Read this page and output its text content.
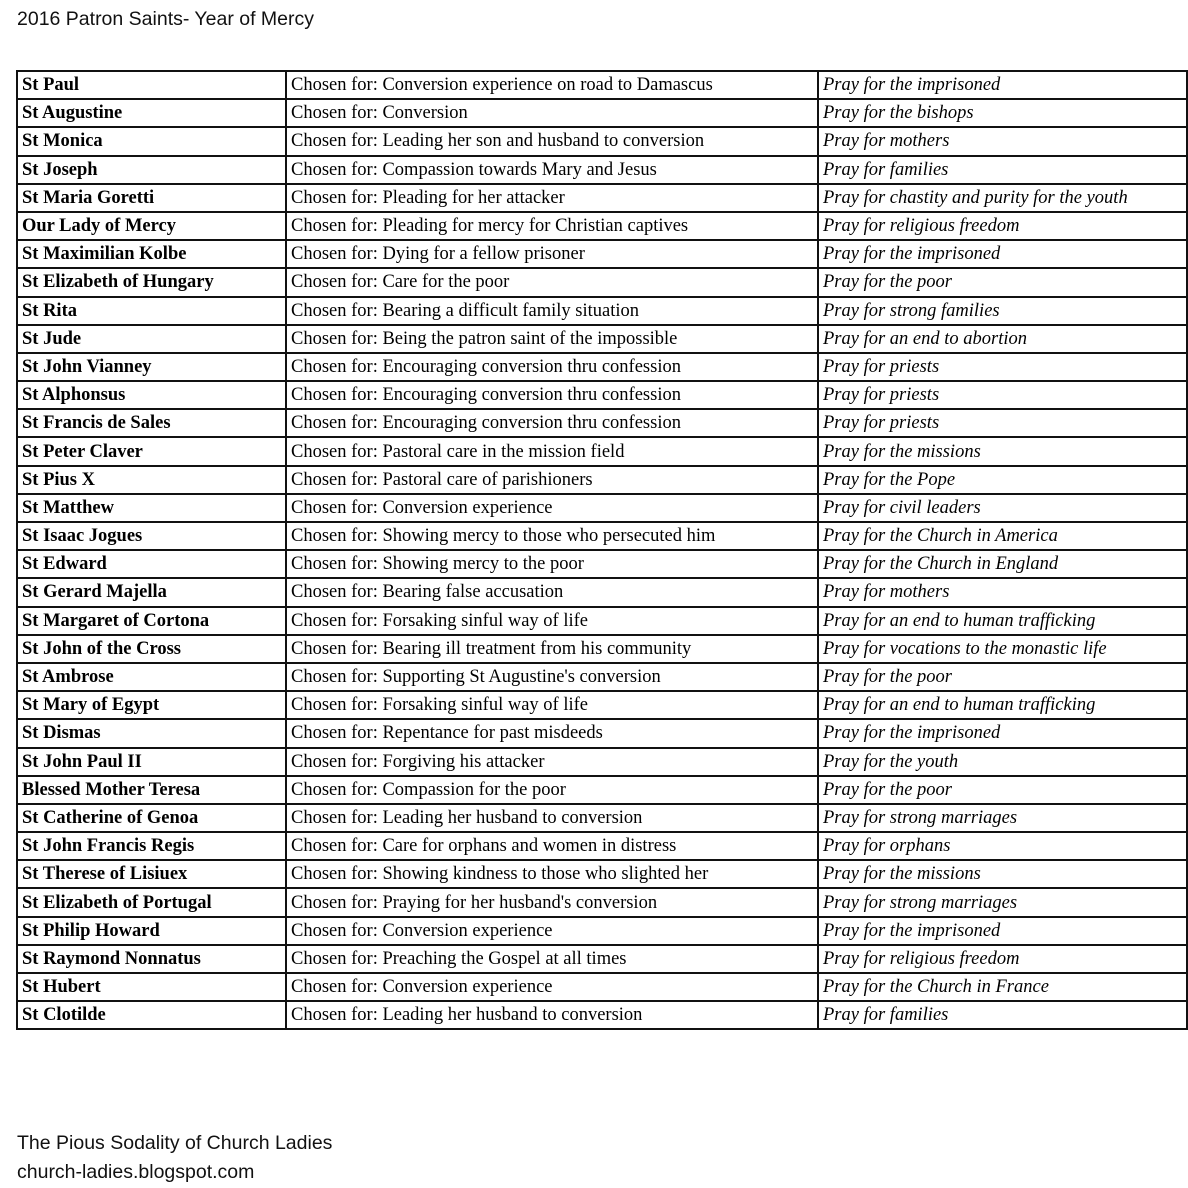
2016 Patron Saints- Year of Mercy
St Paul	Chosen for: Conversion experience on road to Damascus	Pray for the imprisoned
St Augustine	Chosen for: Conversion	Pray for the bishops
St Monica	Chosen for: Leading her son and husband to conversion	Pray for mothers
St Joseph	Chosen for: Compassion towards Mary and Jesus	Pray for families
St Maria Goretti	Chosen for: Pleading for her attacker	Pray for chastity and purity for the youth
Our Lady of Mercy	Chosen for: Pleading for mercy for Christian captives	Pray for religious freedom
St Maximilian Kolbe	Chosen for: Dying for a fellow prisoner	Pray for the imprisoned
St Elizabeth of Hungary	Chosen for: Care for the poor	Pray for the poor
St Rita	Chosen for: Bearing a difficult family situation	Pray for strong families
St Jude	Chosen for: Being the patron saint of the impossible	Pray for an end to abortion
St John Vianney	Chosen for: Encouraging conversion thru confession	Pray for priests
St Alphonsus	Chosen for: Encouraging conversion thru confession	Pray for priests
St Francis de Sales	Chosen for: Encouraging conversion thru confession	Pray for priests
St Peter Claver	Chosen for: Pastoral care in the mission field	Pray for the missions
St Pius X	Chosen for: Pastoral care of parishioners	Pray for the Pope
St Matthew	Chosen for: Conversion experience	Pray for civil leaders
St Isaac Jogues	Chosen for: Showing mercy to those who persecuted him	Pray for the Church in America
St Edward	Chosen for: Showing mercy to the poor	Pray for the Church in England
St Gerard Majella	Chosen for: Bearing false accusation	Pray for mothers
St Margaret of Cortona	Chosen for: Forsaking sinful way of life	Pray for an end to human trafficking
St John of the Cross	Chosen for: Bearing ill treatment from his community	Pray for vocations to the monastic life
St Ambrose	Chosen for: Supporting St Augustine's conversion	Pray for the poor
St Mary of Egypt	Chosen for: Forsaking sinful way of life	Pray for an end to human trafficking
St Dismas	Chosen for: Repentance for past misdeeds	Pray for the imprisoned
St John Paul II	Chosen for: Forgiving his attacker	Pray for the youth
Blessed Mother Teresa	Chosen for: Compassion for the poor	Pray for the poor
St Catherine of Genoa	Chosen for: Leading her husband to conversion	Pray for strong marriages
St John Francis Regis	Chosen for: Care for orphans and women in distress	Pray for orphans
St Therese of Lisiuex	Chosen for: Showing kindness to those who slighted her	Pray for the missions
St Elizabeth of Portugal	Chosen for: Praying for her husband's conversion	Pray for strong marriages
St Philip Howard	Chosen for: Conversion experience	Pray for the imprisoned
St Raymond Nonnatus	Chosen for: Preaching the Gospel at all times	Pray for religious freedom
St Hubert	Chosen for: Conversion experience	Pray for the Church in France
St Clotilde	Chosen for: Leading her husband to conversion	Pray for families
The Pious Sodality of Church Ladies
church-ladies.blogspot.com
